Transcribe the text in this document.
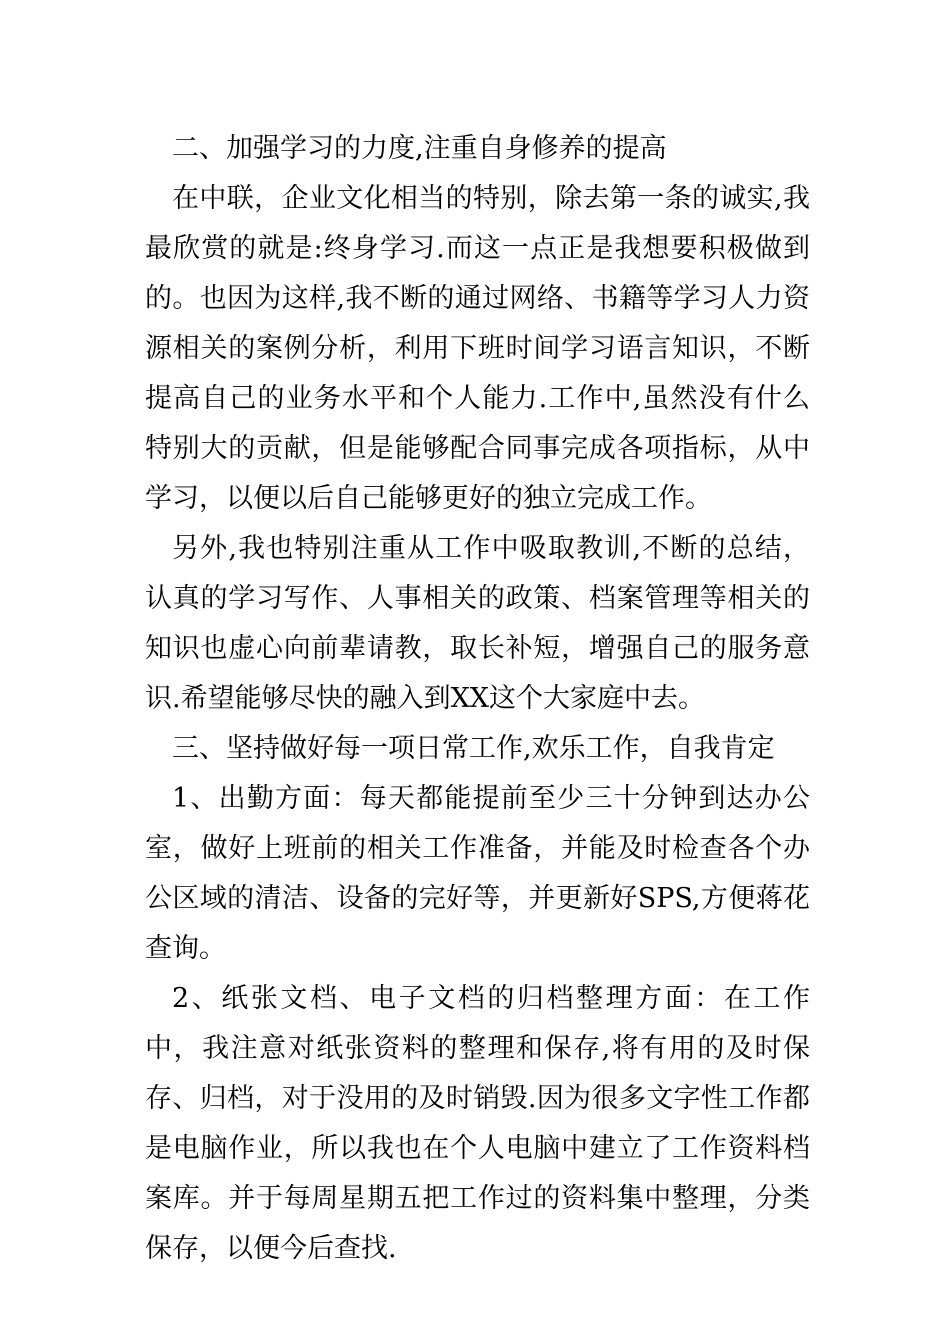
二、加强学习的力度,注重自身修养的提高

在中联，企业文化相当的特别，除去第一条的诚实,我最欣赏的就是:终身学习.而这一点正是我想要积极做到的。也因为这样,我不断的通过网络、书籍等学习人力资源相关的案例分析，利用下班时间学习语言知识，不断提高自己的业务水平和个人能力.工作中,虽然没有什么特别大的贡献，但是能够配合同事完成各项指标，从中学习，以便以后自己能够更好的独立完成工作。

另外,我也特别注重从工作中吸取教训,不断的总结，认真的学习写作、人事相关的政策、档案管理等相关的知识也虚心向前辈请教，取长补短，增强自己的服务意识.希望能够尽快的融入到XX这个大家庭中去。

三、坚持做好每一项日常工作,欢乐工作，自我肯定

1、出勤方面：每天都能提前至少三十分钟到达办公室，做好上班前的相关工作准备，并能及时检查各个办公区域的清洁、设备的完好等，并更新好SPS,方便蒋花查询。

2、纸张文档、电子文档的归档整理方面：在工作中，我注意对纸张资料的整理和保存,将有用的及时保存、归档，对于没用的及时销毁.因为很多文字性工作都是电脑作业，所以我也在个人电脑中建立了工作资料档案库。并于每周星期五把工作过的资料集中整理，分类保存，以便今后查找.
